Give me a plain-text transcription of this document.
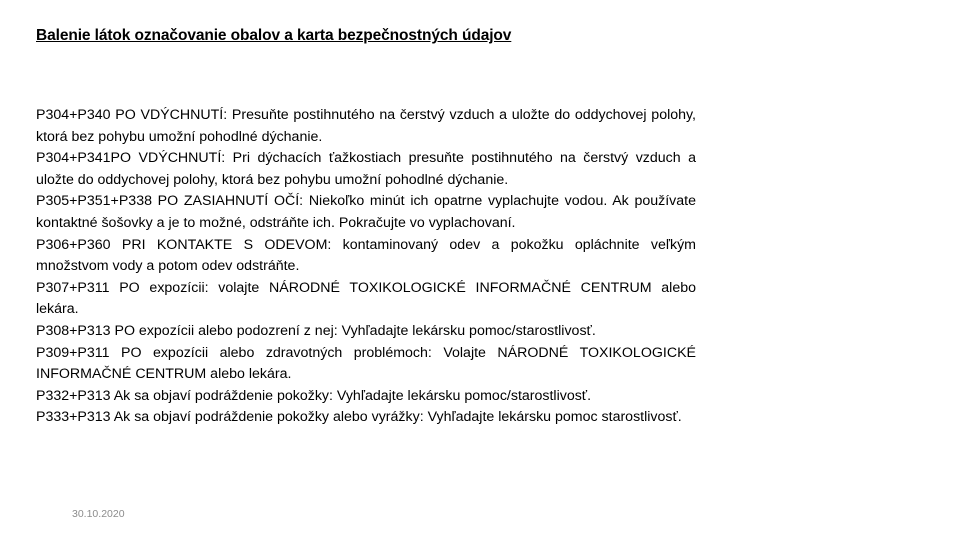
Balenie látok označovanie obalov a karta bezpečnostných údajov

P304+P340 PO VDÝCHNUTÍ: Presuňte postihnutého na čerstvý vzduch a uložte do oddychovej polohy, ktorá bez pohybu umožní pohodlné dýchanie.

P304+P341PO VDÝCHNUTÍ: Pri dýchacích ťažkostiach presuňte postihnutého na čerstvý vzduch a uložte do oddychovej polohy, ktorá bez pohybu umožní pohodlné dýchanie.

P305+P351+P338 PO ZASIAHNUTÍ OČÍ: Niekoľko minút ich opatrne vyplachujte vodou. Ak používate kontaktné šošovky a je to možné, odstráňte ich. Pokračujte vo vyplachovaní.

P306+P360 PRI KONTAKTE S ODEVOM: kontaminovaný odev a pokožku opláchnite veľkým množstvom vody a potom odev odstráňte.

P307+P311 PO expozícii: volajte NÁRODNÉ TOXIKOLOGICKÉ INFORMAČNÉ CENTRUM alebo lekára.

P308+P313 PO expozícii alebo podozrení z nej: Vyhľadajte lekársku pomoc/starostlivosť.

P309+P311 PO expozícii alebo zdravotných problémoch: Volajte NÁRODNÉ TOXIKOLOGICKÉ INFORMAČNÉ CENTRUM alebo lekára.

P332+P313 Ak sa objaví podráždenie pokožky: Vyhľadajte lekársku pomoc/starostlivosť.

P333+P313 Ak sa objaví podráždenie pokožky alebo vyrážky: Vyhľadajte lekársku pomoc starostlivosť.

30.10.2020
